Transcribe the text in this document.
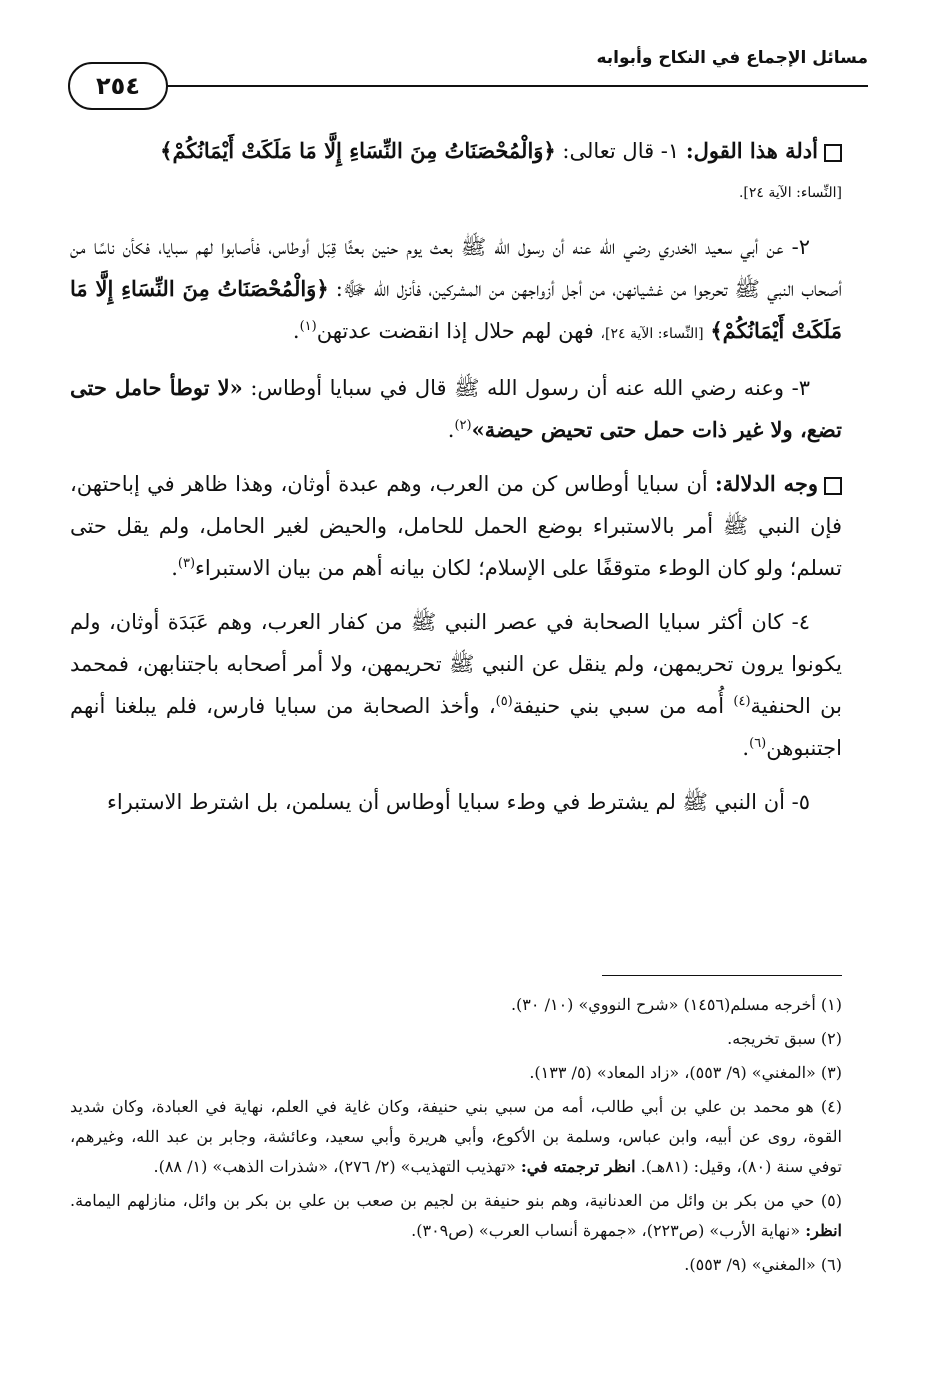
مسائل الإجماع في النكاح وأبوابه
٢٥٤

أدلة هذا القول: ١- قال تعالى: ﴿وَالْمُحْصَنَاتُ مِنَ النِّسَاءِ إِلَّا مَا مَلَكَتْ أَيْمَانُكُمْ﴾
[النِّساء: الآية ٢٤].

٢- عن أبي سعيد الخدري رضي الله عنه أن رسول الله ﷺ بعث يوم حنين بعثًا قِبَل أوطاس، فأصابوا لهم سبايا، فكأن ناسًا من أصحاب النبي ﷺ تحرجوا من غشيانهن، من أجل أزواجهن من المشركين، فأنزل الله ﷻ: ﴿وَالْمُحْصَنَاتُ مِنَ النِّسَاءِ إِلَّا مَا مَلَكَتْ أَيْمَانُكُمْ﴾ [النِّساء: الآية ٢٤]، فهن لهم حلال إذا انقضت عدتهن$^{(١)}$.

٣- وعنه رضي الله عنه أن رسول الله ﷺ قال في سبايا أوطاس: «لا توطأ حامل حتى تضع، ولا غير ذات حمل حتى تحيض حيضة»$^{(٢)}$.

وجه الدلالة: أن سبايا أوطاس كن من العرب، وهم عبدة أوثان، وهذا ظاهر في إباحتهن، فإن النبي ﷺ أمر بالاستبراء بوضع الحمل للحامل، والحيض لغير الحامل، ولم يقل حتى تسلم؛ ولو كان الوطء متوقفًا على الإسلام؛ لكان بيانه أهم من بيان الاستبراء$^{(٣)}$.

٤- كان أكثر سبايا الصحابة في عصر النبي ﷺ من كفار العرب، وهم عَبَدَة أوثان، ولم يكونوا يرون تحريمهن، ولم ينقل عن النبي ﷺ تحريمهن، ولا أمر أصحابه باجتنابهن، فمحمد بن الحنفية$^{(٤)}$ أُمه من سبي بني حنيفة$^{(٥)}$، وأخذ الصحابة من سبايا فارس، فلم يبلغنا أنهم اجتنبوهن$^{(٦)}$.

٥- أن النبي ﷺ لم يشترط في وطء سبايا أوطاس أن يسلمن، بل اشترط الاستبراء

(١) أخرجه مسلم(١٤٥٦) «شرح النووي» (١٠/ ٣٠).

(٢) سبق تخريجه.

(٣) «المغني» (٩/ ٥٥٣)، «زاد المعاد» (٥/ ١٣٣).

(٤) هو محمد بن علي بن أبي طالب، أمه من سبي بني حنيفة، وكان غاية في العلم، نهاية في العبادة، وكان شديد القوة، روى عن أبيه، وابن عباس، وسلمة بن الأكوع، وأبي هريرة وأبي سعيد، وعائشة، وجابر بن عبد الله، وغيرهم، توفي سنة (٨٠)، وقيل: (٨١هـ). انظر ترجمته في: «تهذيب التهذيب» (٢/ ٢٧٦)، «شذرات الذهب» (١/ ٨٨).

(٥) حي من بكر بن وائل من العدنانية، وهم بنو حنيفة بن لجيم بن صعب بن علي بن بكر بن وائل، منازلهم اليمامة. انظر: «نهاية الأرب» (ص٢٢٣)، «جمهرة أنساب العرب» (ص٣٠٩).

(٦) «المغني» (٩/ ٥٥٣).
